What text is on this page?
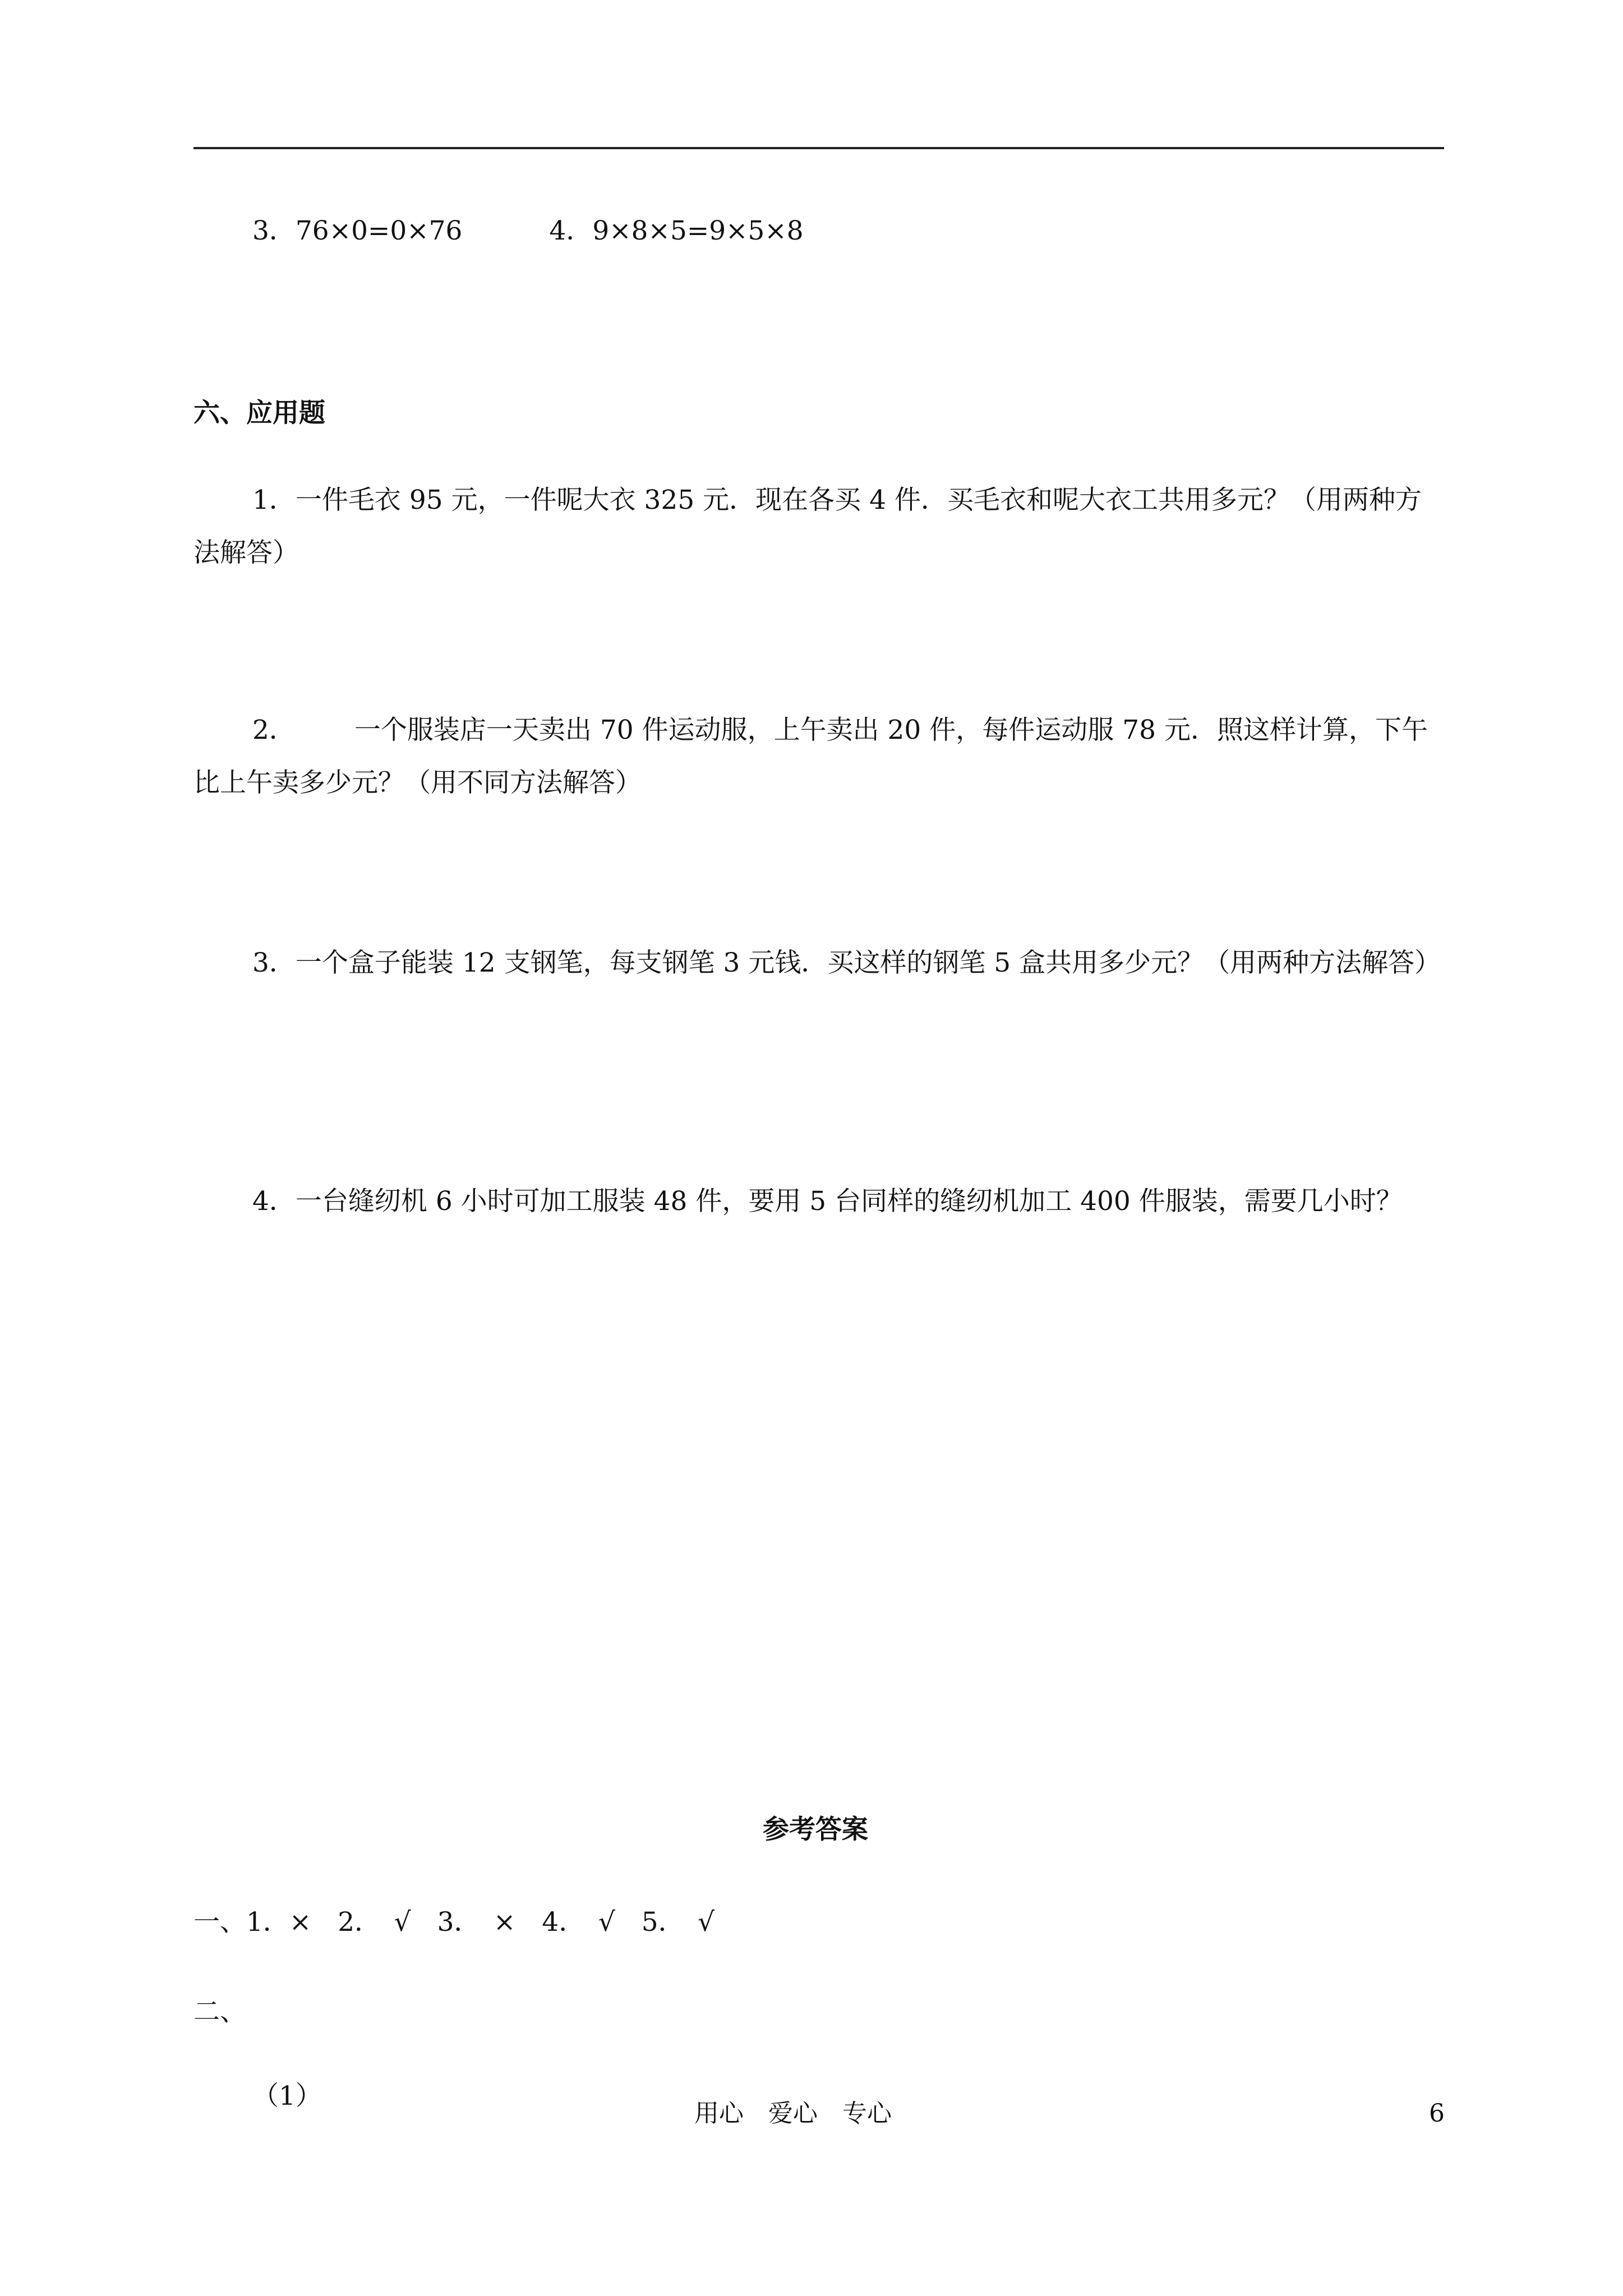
3．76×0=0×76	4．9×8×5=9×5×8
六、应用题
1．一件毛衣 95 元，一件呢大衣 325 元．现在各买 4 件．买毛衣和呢大衣工共用多元？（用两种方法解答）
2． 一个服装店一天卖出 70 件运动服，上午卖出 20 件，每件运动服 78 元．照这样计算，下午比上午卖多少元？（用不同方法解答）
3．一个盒子能装 12 支钢笔，每支钢笔 3 元钱．买这样的钢笔 5 盒共用多少元？（用两种方法解答）
4．一台缝纫机 6 小时可加工服装 48 件，要用 5 台同样的缝纫机加工 400 件服装，需要几小时？
参考答案
一、1．×　2．　√　3．　×　4．　√　5．　√
二、
（1）
用心　爱心　专心	6
